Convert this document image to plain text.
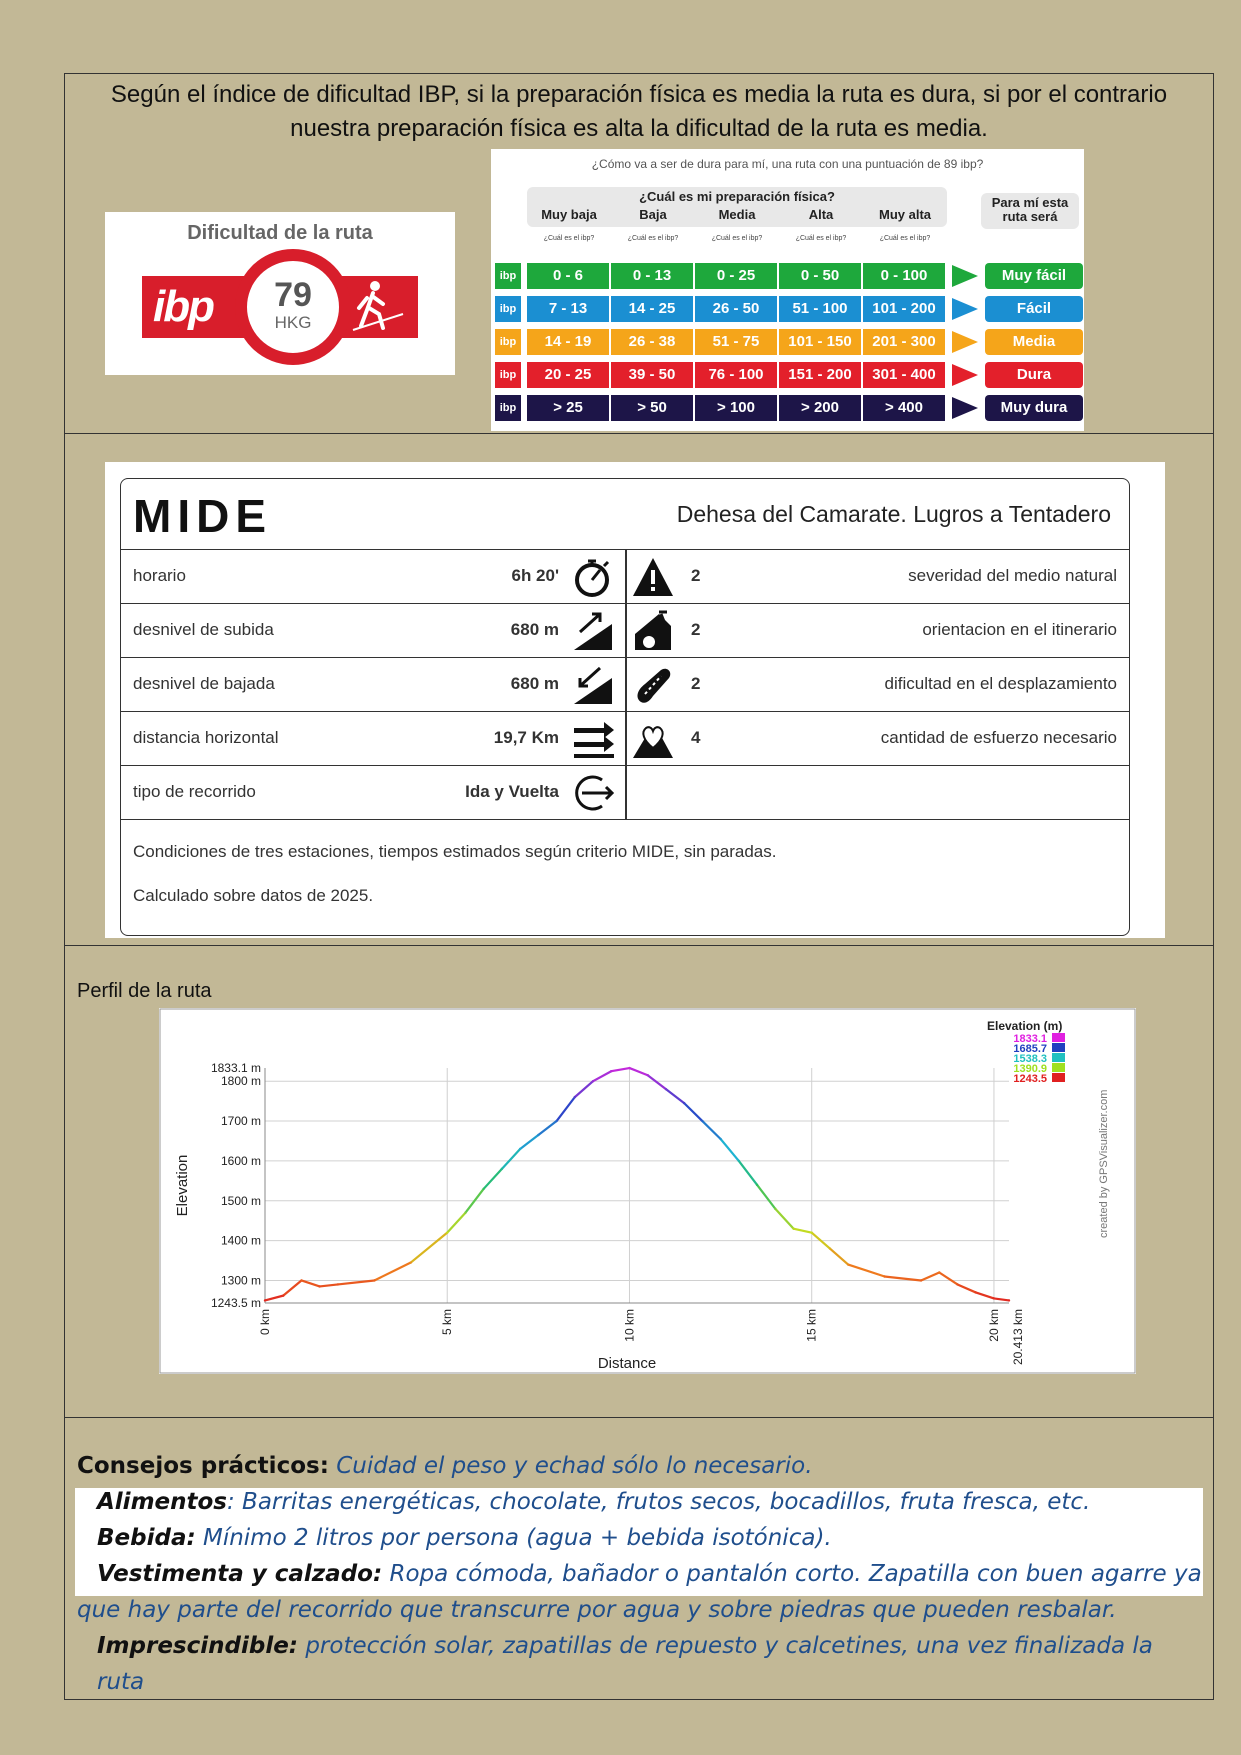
Según el índice de dificultad IBP, si la preparación física es media la ruta es dura, si por el contrario nuestra preparación física es alta la dificultad de la ruta es media.
Dificultad de la ruta
ibp	79
HKG
¿Cómo va a ser de dura para mí, una ruta con una puntuación de 89 ibp?
¿Cuál es mi preparación física?
Muy baja	Baja	Media	Alta	Muy alta
¿Cuál es el ibp?	¿Cuál es el ibp?	¿Cuál es el ibp?	¿Cuál es el ibp?	¿Cuál es el ibp?
Para mí esta ruta será
ibp	0 - 6	0 - 13	0 - 25	0 - 50	0 - 100	Muy fácil
ibp	7 - 13	14 - 25	26 - 50	51 - 100	101 - 200	Fácil
ibp	14 - 19	26 - 38	51 - 75	101 - 150	201 - 300	Media
ibp	20 - 25	39 - 50	76 - 100	151 - 200	301 - 400	Dura
ibp	> 25	> 50	> 100	> 200	> 400	Muy dura
MIDE	Dehesa del Camarate. Lugros a Tentadero
horario	6h 20'	2	severidad del medio natural
desnivel de subida	680 m	2	orientacion en el itinerario
desnivel de bajada	680 m	2	dificultad en el desplazamiento
distancia horizontal	19,7 Km	4	cantidad de esfuerzo necesario
tipo de recorrido	Ida y Vuelta
Condiciones de tres estaciones, tiempos estimados según criterio MIDE, sin paradas.
Calculado sobre datos de 2025.
Perfil de la ruta
1243.5 m
1300 m
1400 m
1500 m
1600 m
1700 m
1800 m
1833.1 m
0 km	5 km	10 km	15 km	20 km 20.413 km
Distance
Elevation
Elevation (m)
1833.1
1685.7
1538.3
1390.9
1243.5
created by GPSVisualizer.com
Consejos prácticos: Cuidad el peso y echad sólo lo necesario.
Alimentos: Barritas energéticas, chocolate, frutos secos, bocadillos, fruta fresca, etc.
Bebida: Mínimo 2 litros por persona (agua + bebida isotónica).
Vestimenta y calzado: Ropa cómoda, bañador o pantalón corto. Zapatilla con buen agarre ya
que hay parte del recorrido que transcurre por agua y sobre piedras que pueden resbalar.
Imprescindible: protección solar, zapatillas de repuesto y calcetines, una vez finalizada la ruta
